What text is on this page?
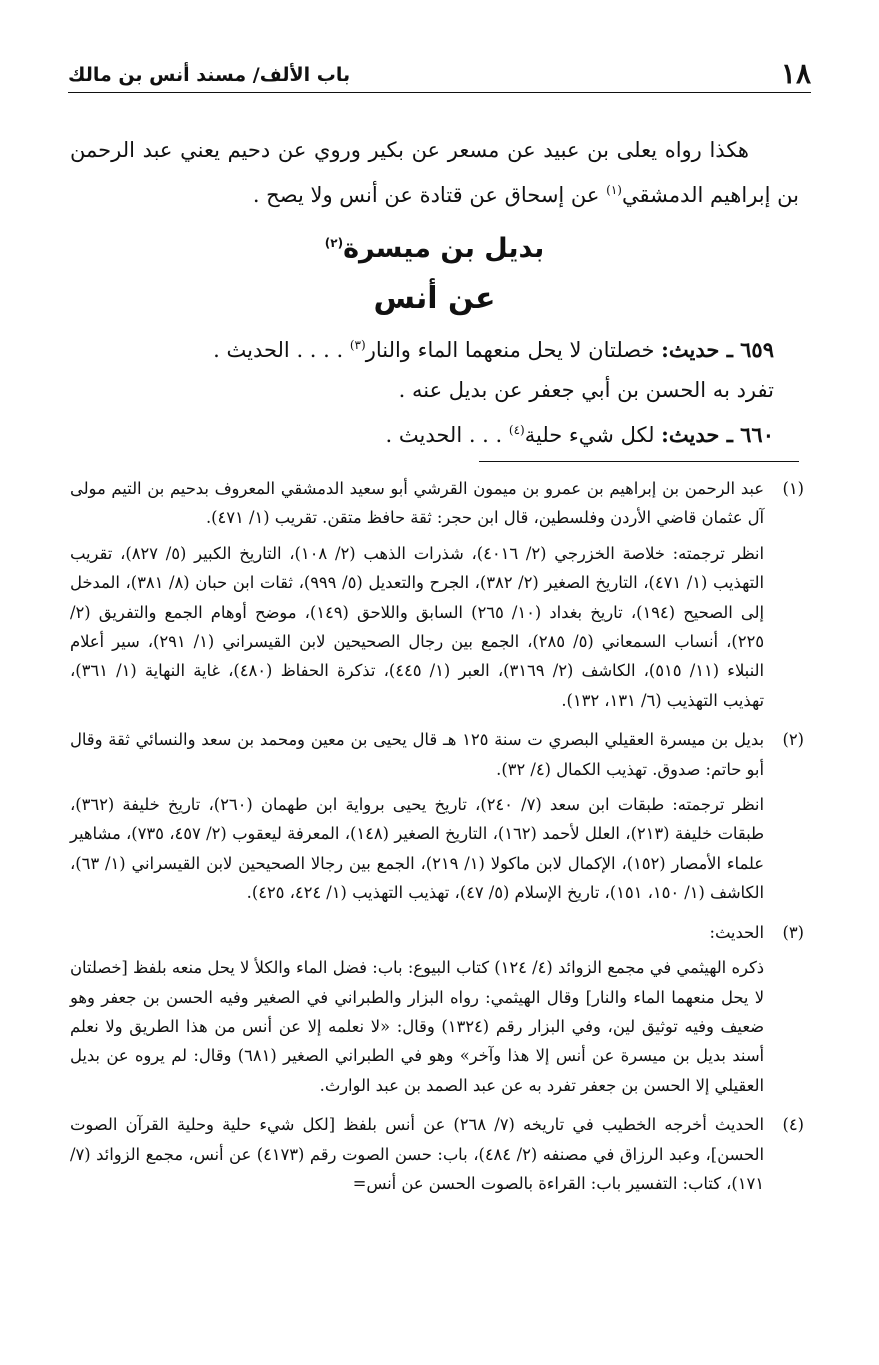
١٨
باب الألف/ مسند أنس بن مالك

هكذا رواه يعلى بن عبيد عن مسعر عن بكير وروي عن دحيم يعني عبد الرحمن بن إبراهيم الدمشقي$^{(١)}$ عن إسحاق عن قتادة عن أنس ولا يصح .

بديل بن ميسرة$^{(٢)}$
عن أنس

٦٥٩ ـ حديث: خصلتان لا يحل منعهما الماء والنار$^{(٣)}$ . . . . الحديث .

تفرد به الحسن بن أبي جعفر عن بديل عنه .

٦٦٠ ـ حديث: لكل شيء حلية$^{(٤)}$ . . . الحديث .

(١)

عبد الرحمن بن إبراهيم بن عمرو بن ميمون القرشي أبو سعيد الدمشقي المعروف بدحيم بن التيم مولى آل عثمان قاضي الأردن وفلسطين، قال ابن حجر: ثقة حافظ متقن. تقريب (١/ ٤٧١).

انظر ترجمته: خلاصة الخزرجي (٢/ ٤٠١٦)، شذرات الذهب (٢/ ١٠٨)، التاريخ الكبير (٥/ ٨٢٧)، تقريب التهذيب (١/ ٤٧١)، التاريخ الصغير (٢/ ٣٨٢)، الجرح والتعديل (٥/ ٩٩٩)، ثقات ابن حبان (٨/ ٣٨١)، المدخل إلى الصحيح (١٩٤)، تاريخ بغداد (١٠/ ٢٦٥) السابق واللاحق (١٤٩)، موضح أوهام الجمع والتفريق (٢/ ٢٢٥)، أنساب السمعاني (٥/ ٢٨٥)، الجمع بين رجال الصحيحين لابن القيسراني (١/ ٢٩١)، سير أعلام النبلاء (١١/ ٥١٥)، الكاشف (٢/ ٣١٦٩)، العبر (١/ ٤٤٥)، تذكرة الحفاظ (٤٨٠)، غاية النهاية (١/ ٣٦١)، تهذيب التهذيب (٦/ ١٣١، ١٣٢).

(٢)

بديل بن ميسرة العقيلي البصري ت سنة ١٢٥ هـ قال يحيى بن معين ومحمد بن سعد والنسائي ثقة وقال أبو حاتم: صدوق. تهذيب الكمال (٤/ ٣٢).

انظر ترجمته: طبقات ابن سعد (٧/ ٢٤٠)، تاريخ يحيى برواية ابن طهمان (٢٦٠)، تاريخ خليفة (٣٦٢)، طبقات خليفة (٢١٣)، العلل لأحمد (١٦٢)، التاريخ الصغير (١٤٨)، المعرفة ليعقوب (٢/ ٤٥٧، ٧٣٥)، مشاهير علماء الأمصار (١٥٢)، الإكمال لابن ماكولا (١/ ٢١٩)، الجمع بين رجالا الصحيحين لابن القيسراني (١/ ٦٣)، الكاشف (١/ ١٥٠، ١٥١)، تاريخ الإسلام (٥/ ٤٧)، تهذيب التهذيب (١/ ٤٢٤، ٤٢٥).

(٣)

الحديث:

ذكره الهيثمي في مجمع الزوائد (٤/ ١٢٤) كتاب البيوع: باب: فضل الماء والكلأ لا يحل منعه بلفظ [خصلتان لا يحل منعهما الماء والنار] وقال الهيثمي: رواه البزار والطبراني في الصغير وفيه الحسن بن جعفر وهو ضعيف وفيه توثيق لين، وفي البزار رقم (١٣٢٤) وقال: «لا نعلمه إلا عن أنس من هذا الطريق ولا نعلم أسند بديل بن ميسرة عن أنس إلا هذا وآخر» وهو في الطبراني الصغير (٦٨١) وقال: لم يروه عن بديل العقيلي إلا الحسن بن جعفر تفرد به عن عبد الصمد بن عبد الوارث.

(٤)

الحديث أخرجه الخطيب في تاريخه (٧/ ٢٦٨) عن أنس بلفظ [لكل شيء حلية وحلية القرآن الصوت الحسن]، وعبد الرزاق في مصنفه (٢/ ٤٨٤)، باب: حسن الصوت رقم (٤١٧٣) عن أنس، مجمع الزوائد (٧/ ١٧١)، كتاب: التفسير باب: القراءة بالصوت الحسن عن أنس=
